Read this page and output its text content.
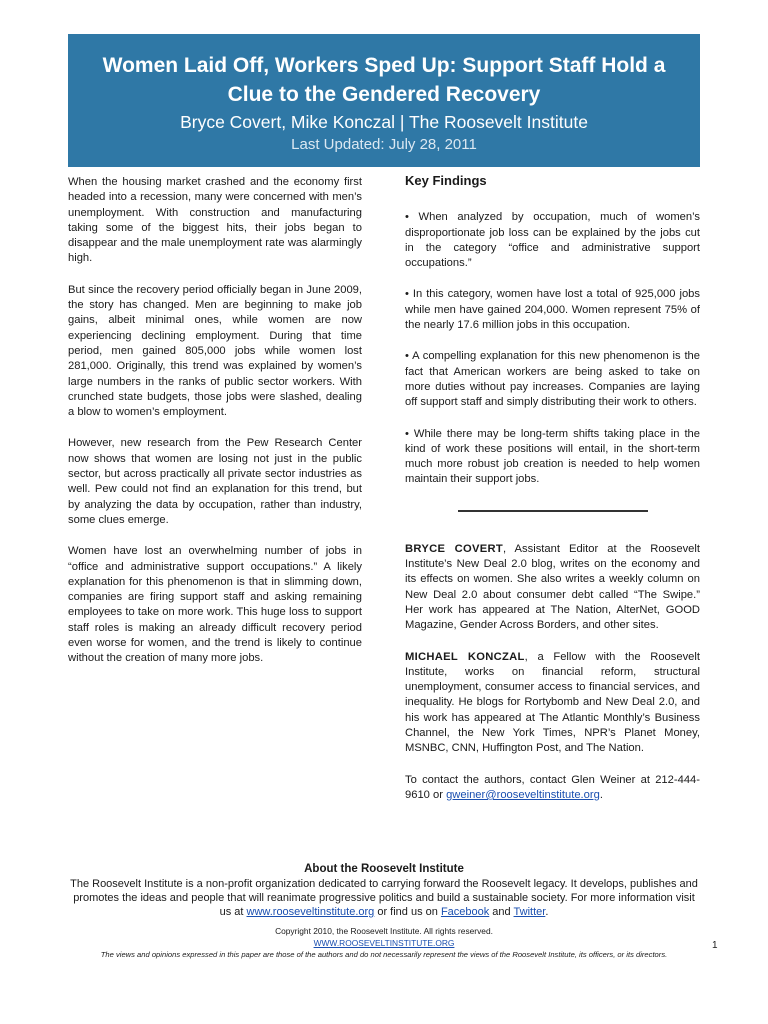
Women Laid Off, Workers Sped Up: Support Staff Hold a Clue to the Gendered Recovery
Bryce Covert, Mike Konczal | The Roosevelt Institute
Last Updated: July 28, 2011

When the housing market crashed and the economy first headed into a recession, many were concerned with men’s unemployment. With construction and manufacturing taking some of the biggest hits, their jobs began to disappear and the male unemployment rate was alarmingly high.

But since the recovery period officially began in June 2009, the story has changed. Men are beginning to make job gains, albeit minimal ones, while women are now experiencing declining employment. During that time period, men gained 805,000 jobs while women lost 281,000. Originally, this trend was explained by women’s large numbers in the ranks of public sector workers. With crunched state budgets, those jobs were slashed, dealing a blow to women’s employment.

However, new research from the Pew Research Center now shows that women are losing not just in the public sector, but across practically all private sector industries as well. Pew could not find an explanation for this trend, but by analyzing the data by occupation, rather than industry, some clues emerge.

Women have lost an overwhelming number of jobs in “office and administrative support occupations.” A likely explanation for this phenomenon is that in slimming down, companies are firing support staff and asking remaining employees to take on more work. This huge loss to support staff roles is making an already difficult recovery period even worse for women, and the trend is likely to continue without the creation of many more jobs.

Key Findings
• When analyzed by occupation, much of women’s disproportionate job loss can be explained by the jobs cut in the category “office and administrative support occupations.”
• In this category, women have lost a total of 925,000 jobs while men have gained 204,000. Women represent 75% of the nearly 17.6 million jobs in this occupation.
• A compelling explanation for this new phenomenon is the fact that American workers are being asked to take on more duties without pay increases. Companies are laying off support staff and simply distributing their work to others.
• While there may be long-term shifts taking place in the kind of work these positions will entail, in the short-term much more robust job creation is needed to help women maintain their support jobs.

BRYCE COVERT, Assistant Editor at the Roosevelt Institute’s New Deal 2.0 blog, writes on the economy and its effects on women. She also writes a weekly column on New Deal 2.0 about consumer debt called “The Swipe.” Her work has appeared at The Nation, AlterNet, GOOD Magazine, Gender Across Borders, and other sites.

MICHAEL KONCZAL, a Fellow with the Roosevelt Institute, works on financial reform, structural unemployment, consumer access to financial services, and inequality. He blogs for Rortybomb and New Deal 2.0, and his work has appeared at The Atlantic Monthly’s Business Channel, the New York Times, NPR’s Planet Money, MSNBC, CNN, Huffington Post, and The Nation.

To contact the authors, contact Glen Weiner at 212-444-9610 or gweiner@rooseveltinstitute.org.

About the Roosevelt Institute
The Roosevelt Institute is a non-profit organization dedicated to carrying forward the Roosevelt legacy. It develops, publishes and promotes the ideas and people that will reanimate progressive politics and build a sustainable society. For more information visit us at www.rooseveltinstitute.org or find us on Facebook and Twitter.
Copyright 2010, the Roosevelt Institute. All rights reserved.
WWW.ROOSEVELTINSTITUTE.ORG
The views and opinions expressed in this paper are those of the authors and do not necessarily represent the views of the Roosevelt Institute, its officers, or its directors.
1
